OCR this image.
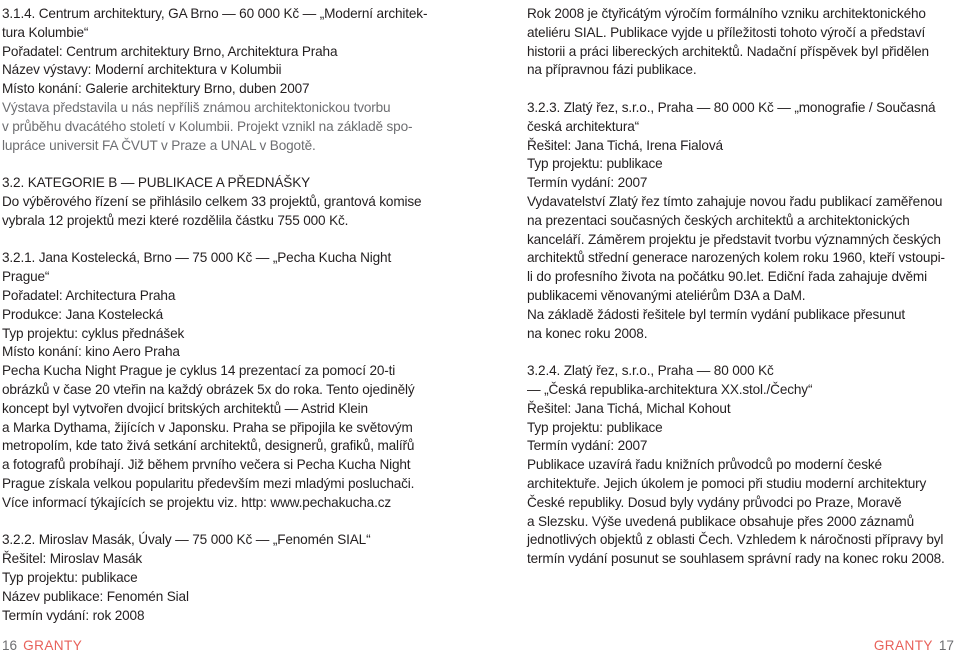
3.1.4. Centrum architektury, GA Brno — 60 000 Kč — „Moderní architek-

tura Kolumbie“

Pořadatel: Centrum architektury Brno, Architektura Praha

Název výstavy: Moderní architektura v Kolumbii

Místo konání: Galerie architektury Brno, duben 2007

Výstava představila u nás nepříliš známou architektonickou tvorbu

v průběhu dvacátého století v Kolumbii. Projekt vznikl na základě spo-

lupráce universit FA ČVUT v Praze a UNAL v Bogotě.

3.2. KATEGORIE B — PUBLIKACE A PŘEDNÁŠKY

Do výběrového řízení se přihlásilo celkem 33 projektů, grantová komise

vybrala 12 projektů mezi které rozdělila částku 755 000 Kč.

3.2.1. Jana Kostelecká, Brno — 75 000 Kč — „Pecha Kucha Night

Prague“

Pořadatel: Architectura Praha

Produkce: Jana Kostelecká

Typ projektu: cyklus přednášek

Místo konání: kino Aero Praha

Pecha Kucha Night Prague je cyklus 14 prezentací za pomocí 20-ti

obrázků v čase 20 vteřin na každý obrázek 5x do roka. Tento ojedinělý

koncept byl vytvořen dvojicí britských architektů — Astrid Klein

a Marka Dythama, žijících v Japonsku. Praha se připojila ke světovým

metropolím, kde tato živá setkání architektů, designerů, grafiků, malířů

a fotografů probíhají. Již během prvního večera si Pecha Kucha Night

Prague získala velkou popularitu především mezi mladými posluchači.

Více informací týkajících se projektu viz. http: www.pechakucha.cz

3.2.2. Miroslav Masák, Úvaly — 75 000 Kč — „Fenomén SIAL“

Řešitel: Miroslav Masák

Typ projektu: publikace

Název publikace: Fenomén Sial

Termín vydání: rok 2008

Rok 2008 je čtyřicátým výročím formálního vzniku architektonického

ateliéru SIAL. Publikace vyjde u příležitosti tohoto výročí a představí

historii a práci libereckých architektů. Nadační příspěvek byl přidělen

na přípravnou fázi publikace.

3.2.3. Zlatý řez, s.r.o., Praha — 80 000 Kč — „monografie / Současná

česká architektura“

Řešitel: Jana Tichá, Irena Fialová

Typ projektu: publikace

Termín vydání: 2007

Vydavatelství Zlatý řez tímto zahajuje novou řadu publikací zaměřenou

na prezentaci současných českých architektů a architektonických

kanceláří. Záměrem projektu je představit tvorbu významných českých

architektů střední generace narozených kolem roku 1960, kteří vstoupi-

li do profesního života na počátku 90.let. Ediční řada zahajuje dvěmi

publikacemi věnovanými ateliérům D3A a DaM.

Na základě žádosti řešitele byl termín vydání publikace přesunut

na konec roku 2008.

3.2.4. Zlatý řez, s.r.o., Praha — 80 000 Kč

— „Česká republika-architektura XX.stol./Čechy“

Řešitel: Jana Tichá, Michal Kohout

Typ projektu: publikace

Termín vydání: 2007

Publikace uzavírá řadu knižních průvodců po moderní české

architektuře. Jejich úkolem je pomoci při studiu moderní architektury

České republiky. Dosud byly vydány průvodci po Praze, Moravě

a Slezsku. Výše uvedená publikace obsahuje přes 2000 záznamů

jednotlivých objektů z oblasti Čech. Vzhledem k náročnosti přípravy byl

termín vydání posunut se souhlasem správní rady na konec roku 2008.

16 GRANTY	GRANTY 17
